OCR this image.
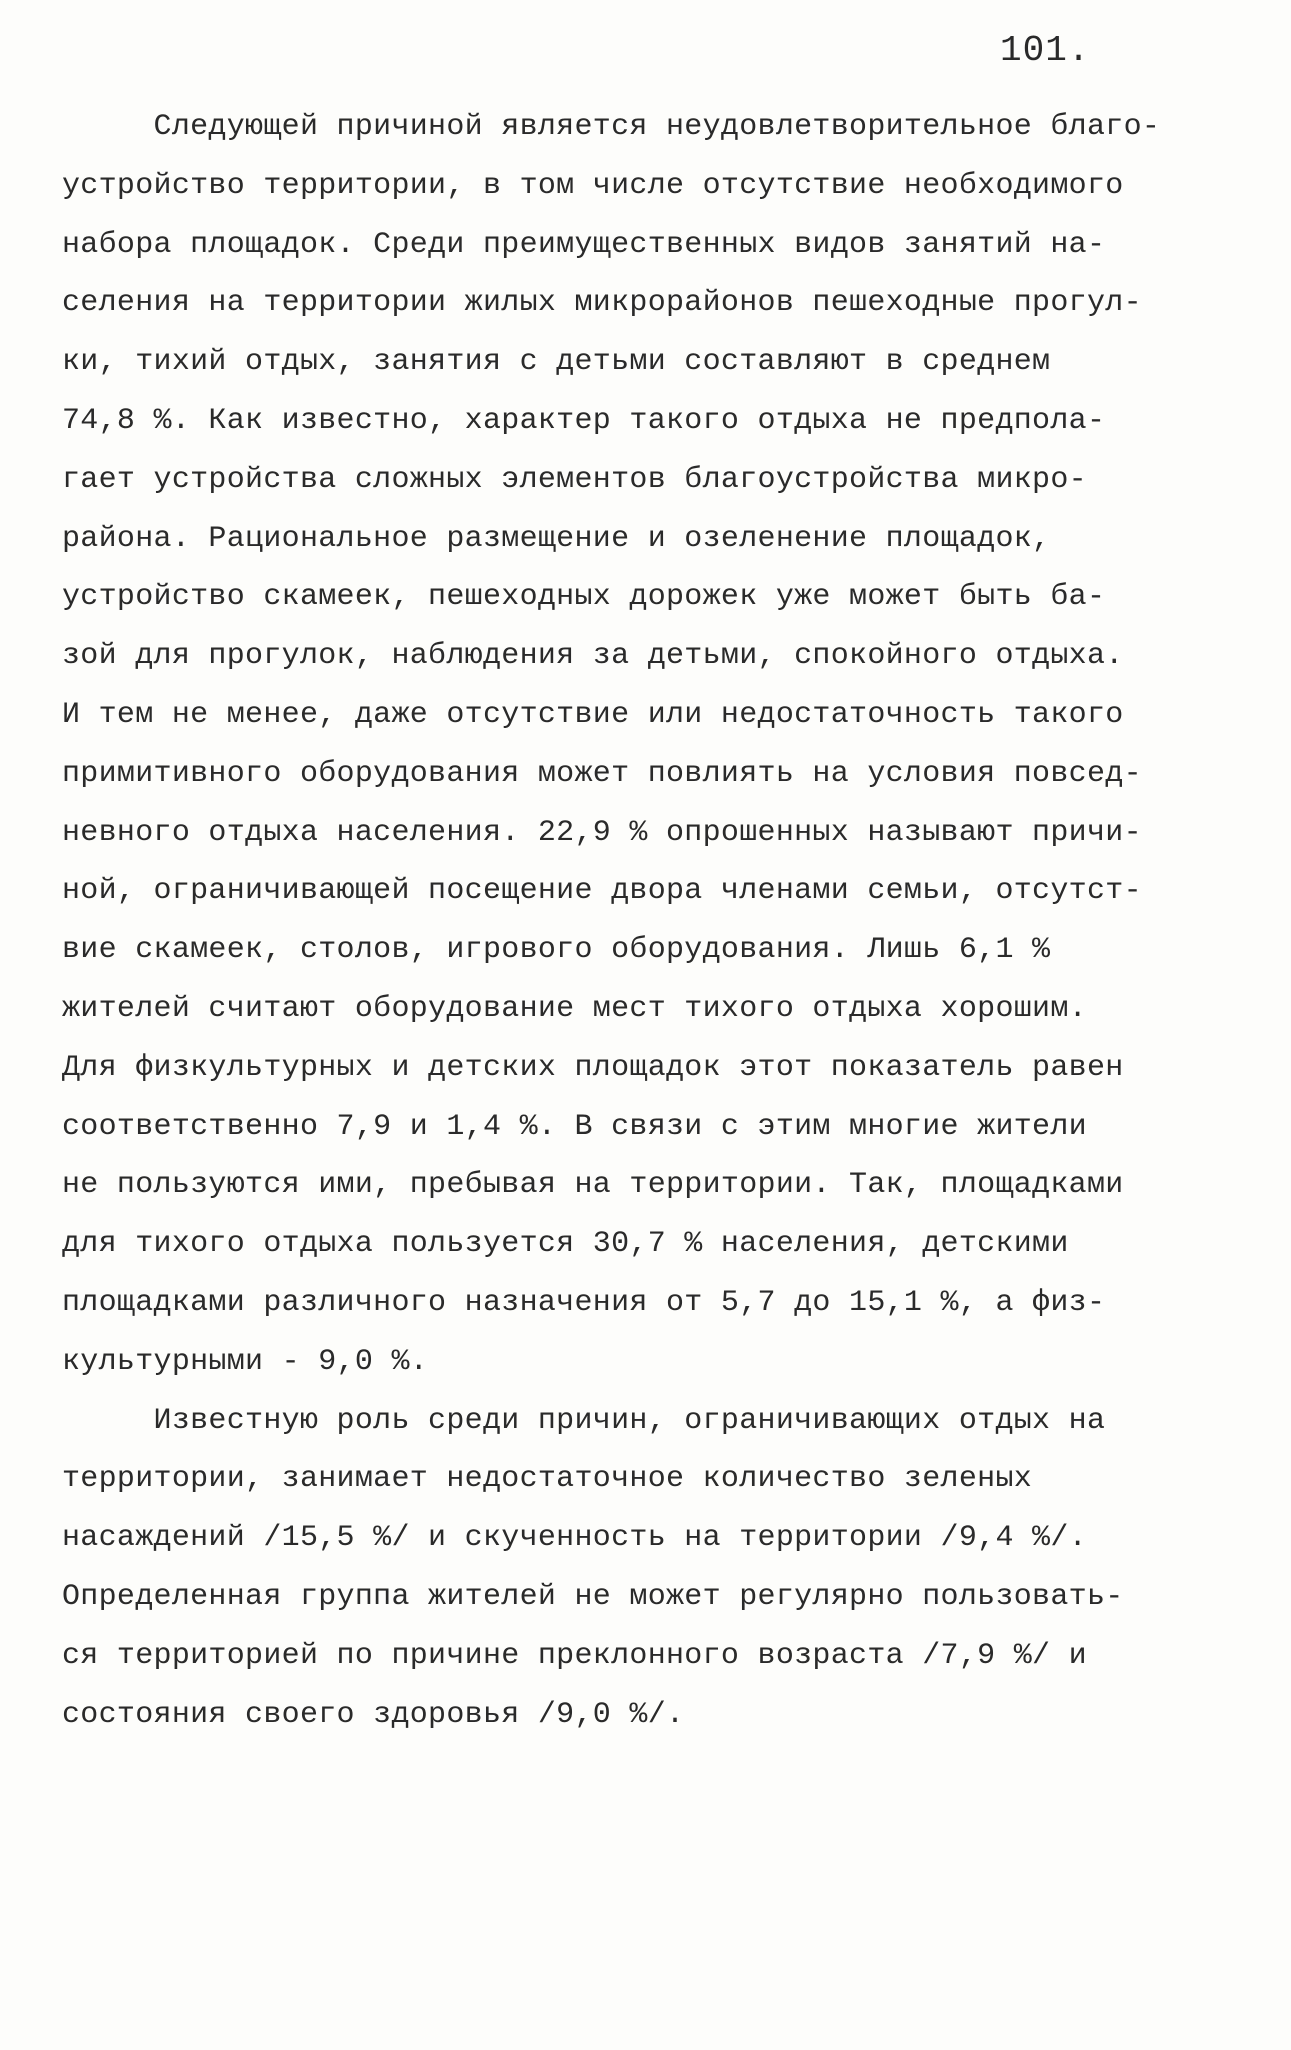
101.
Следующей причиной является неудовлетворительное благо-
устройство территории, в том числе отсутствие необходимого
набора площадок. Среди преимущественных видов занятий на-
селения на территории жилых микрорайонов пешеходные прогул-
ки, тихий отдых, занятия с детьми составляют в среднем
74,8 %. Как известно, характер такого отдыха не предпола-
гает устройства сложных элементов благоустройства микро-
района. Рациональное размещение и озеленение площадок,
устройство скамеек, пешеходных дорожек уже может быть ба-
зой для прогулок, наблюдения за детьми, спокойного отдыха.
И тем не менее, даже отсутствие или недостаточность такого
примитивного оборудования может повлиять на условия повсед-
невного отдыха населения. 22,9 % опрошенных называют причи-
ной, ограничивающей посещение двора членами семьи, отсутст-
вие скамеек, столов, игрового оборудования. Лишь 6,1 %
жителей считают оборудование мест тихого отдыха хорошим.
Для физкультурных и детских площадок этот показатель равен
соответственно 7,9 и 1,4 %. В связи с этим многие жители
не пользуются ими, пребывая на территории. Так, площадками
для тихого отдыха пользуется 30,7 % населения, детскими
площадками различного назначения от 5,7 до 15,1 %, а физ-
культурными - 9,0 %.
Известную роль среди причин, ограничивающих отдых на
территории, занимает недостаточное количество зеленых
насаждений /15,5 %/ и скученность на территории /9,4 %/.
Определенная группа жителей не может регулярно пользовать-
ся территорией по причине преклонного возраста /7,9 %/ и
состояния своего здоровья /9,0 %/.
